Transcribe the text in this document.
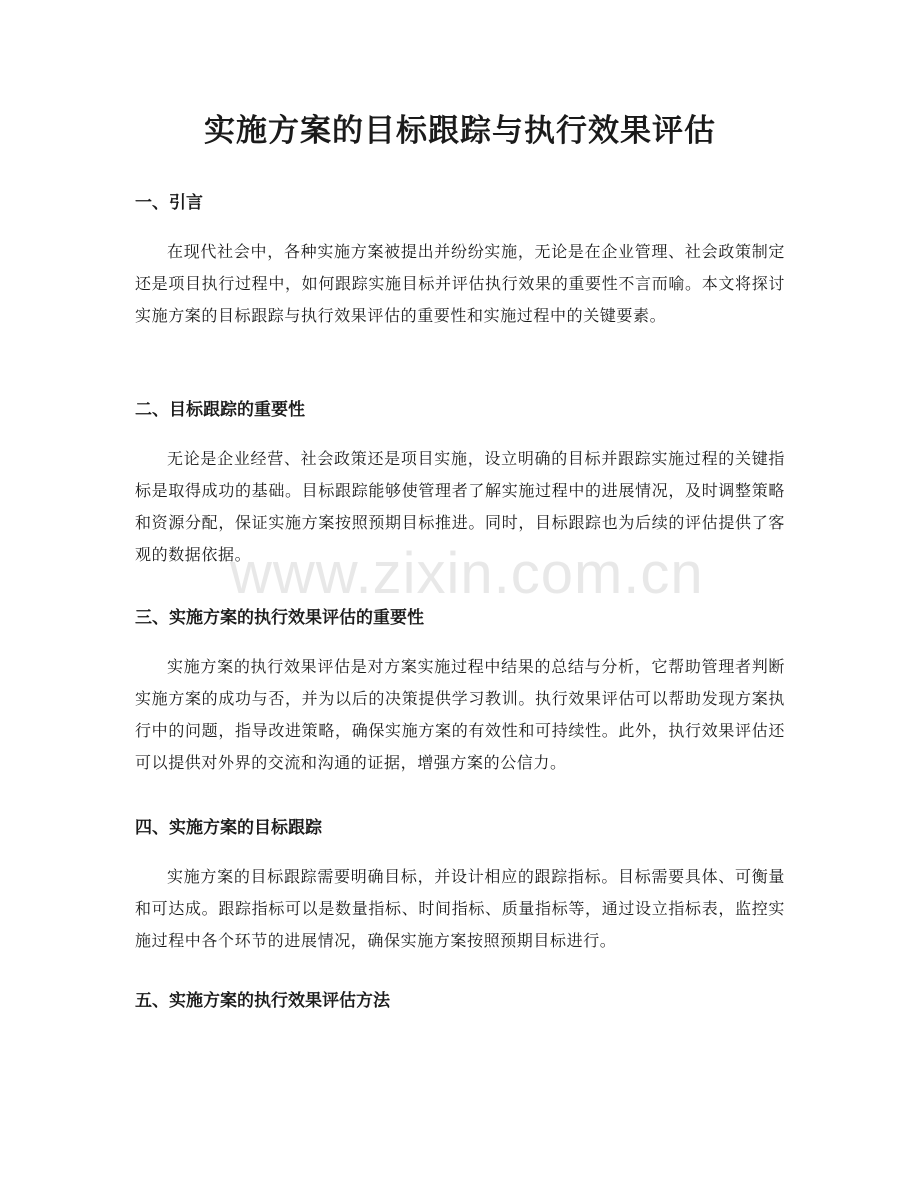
实施方案的目标跟踪与执行效果评估
一、引言

在现代社会中，各种实施方案被提出并纷纷实施，无论是在企业管理、社会政策制定还是项目执行过程中，如何跟踪实施目标并评估执行效果的重要性不言而喻。本文将探讨实施方案的目标跟踪与执行效果评估的重要性和实施过程中的关键要素。

二、目标跟踪的重要性

无论是企业经营、社会政策还是项目实施，设立明确的目标并跟踪实施过程的关键指标是取得成功的基础。目标跟踪能够使管理者了解实施过程中的进展情况，及时调整策略和资源分配，保证实施方案按照预期目标推进。同时，目标跟踪也为后续的评估提供了客观的数据依据。

三、实施方案的执行效果评估的重要性

实施方案的执行效果评估是对方案实施过程中结果的总结与分析，它帮助管理者判断实施方案的成功与否，并为以后的决策提供学习教训。执行效果评估可以帮助发现方案执行中的问题，指导改进策略，确保实施方案的有效性和可持续性。此外，执行效果评估还可以提供对外界的交流和沟通的证据，增强方案的公信力。

四、实施方案的目标跟踪

实施方案的目标跟踪需要明确目标，并设计相应的跟踪指标。目标需要具体、可衡量和可达成。跟踪指标可以是数量指标、时间指标、质量指标等，通过设立指标表，监控实施过程中各个环节的进展情况，确保实施方案按照预期目标进行。

五、实施方案的执行效果评估方法
www.zixin.com.cn
